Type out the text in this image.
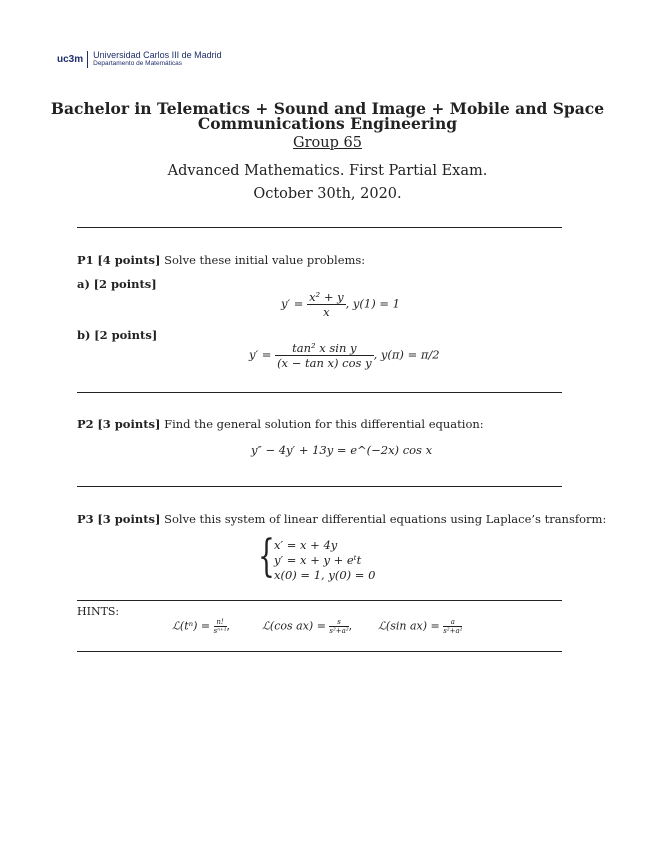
uc3m Universidad Carlos III de Madrid
Departamento de Matemáticas
Bachelor in Telematics + Sound and Image + Mobile and Space
Communications Engineering
Group 65
Advanced Mathematics. First Partial Exam.
October 30th, 2020.
P1 [4 points] Solve these initial value problems:
a) [2 points]
$y' = \frac{\text{x² + y}}{x}$ , y(1) = 1
b) [2 points]
$y' = \frac{\text{tan² x sin y}}{\text{(x − tan x) cos y}}$ , y(π) = π/2
P2 [3 points] Find the general solution for this differential equation:
y″ − 4y′ + 13y = e^(−2x) cos x
P3 [3 points] Solve this system of linear differential equations using Laplace’s transform:
{ x′ = x + 4y
y′ = x + y + eᵗt
x(0) = 1, y(0) = 0
HINTS:
ℒ(tⁿ) = $\frac{n!}{\text{sⁿ⁺¹}}$,	ℒ(cos $ax) = \frac{s}{\text{s²+a²}}$, ℒ(sin $ax) = \frac{a}{\text{s²+a²}}$
